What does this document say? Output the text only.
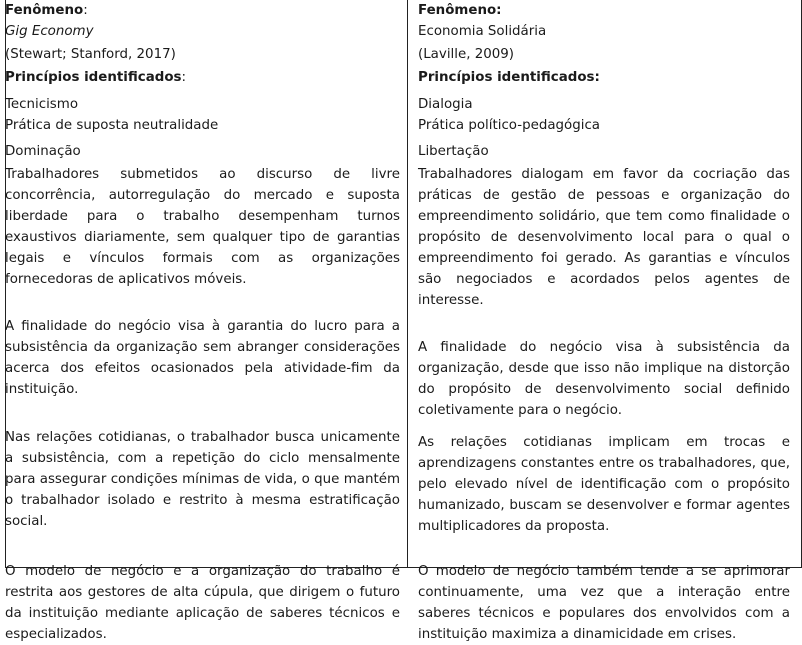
Fenômeno:
Gig Economy
(Stewart; Stanford, 2017)
Princípios identificados:
Tecnicismo
Prática de suposta neutralidade
Dominação

Trabalhadores submetidos ao discurso de livre concorrência, autorregulação do mercado e suposta liberdade para o trabalho desempenham turnos exaustivos diariamente, sem qualquer tipo de garantias legais e vínculos formais com as organizações fornecedoras de aplicativos móveis.

A finalidade do negócio visa à garantia do lucro para a subsistência da organização sem abranger considerações acerca dos efeitos ocasionados pela atividade-fim da instituição.

Nas relações cotidianas, o trabalhador busca unicamente a subsistência, com a repetição do ciclo mensalmente para assegurar condições mínimas de vida, o que mantém o trabalhador isolado e restrito à mesma estratificação social.

O modelo de negócio e a organização do trabalho é restrita aos gestores de alta cúpula, que dirigem o futuro da instituição mediante aplicação de saberes técnicos e especializados.

Fenômeno:
Economia Solidária
(Laville, 2009)
Princípios identificados:
Dialogia
Prática político-pedagógica
Libertação

Trabalhadores dialogam em favor da cocriação das práticas de gestão de pessoas e organização do empreendimento solidário, que tem como finalidade o propósito de desenvolvimento local para o qual o empreendimento foi gerado. As garantias e vínculos são negociados e acordados pelos agentes de interesse.

A finalidade do negócio visa à subsistência da organização, desde que isso não implique na distorção do propósito de desenvolvimento social definido coletivamente para o negócio.

As relações cotidianas implicam em trocas e aprendizagens constantes entre os trabalhadores, que, pelo elevado nível de identificação com o propósito humanizado, buscam se desenvolver e formar agentes multiplicadores da proposta.

O modelo de negócio também tende a se aprimorar continuamente, uma vez que a interação entre saberes técnicos e populares dos envolvidos com a instituição maximiza a dinamicidade em crises.
